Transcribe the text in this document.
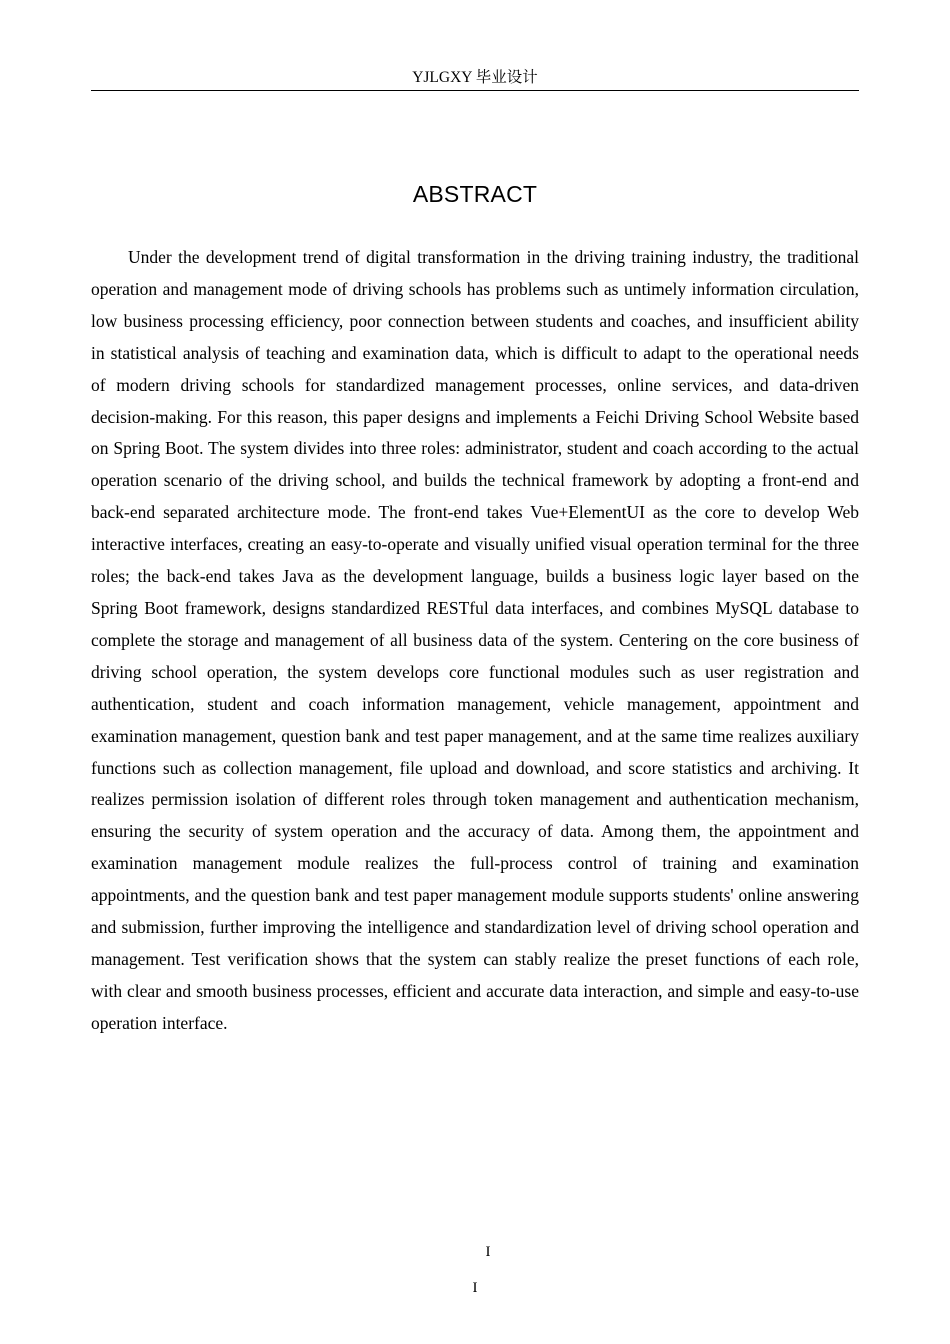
YJLGXY 毕业设计
ABSTRACT

Under the development trend of digital transformation in the driving training industry, the traditional operation and management mode of driving schools has problems such as untimely information circulation, low business processing efficiency, poor connection between students and coaches, and insufficient ability in statistical analysis of teaching and examination data, which is difficult to adapt to the operational needs of modern driving schools for standardized management processes, online services, and data-driven decision-making. For this reason, this paper designs and implements a Feichi Driving School Website based on Spring Boot. The system divides into three roles: administrator, student and coach according to the actual operation scenario of the driving school, and builds the technical framework by adopting a front-end and back-end separated architecture mode. The front-end takes Vue+ElementUI as the core to develop Web interactive interfaces, creating an easy-to-operate and visually unified visual operation terminal for the three roles; the back-end takes Java as the development language, builds a business logic layer based on the Spring Boot framework, designs standardized RESTful data interfaces, and combines MySQL database to complete the storage and management of all business data of the system. Centering on the core business of driving school operation, the system develops core functional modules such as user registration and authentication, student and coach information management, vehicle management, appointment and examination management, question bank and test paper management, and at the same time realizes auxiliary functions such as collection management, file upload and download, and score statistics and archiving. It realizes permission isolation of different roles through token management and authentication mechanism, ensuring the security of system operation and the accuracy of data. Among them, the appointment and examination management module realizes the full-process control of training and examination appointments, and the question bank and test paper management module supports students' online answering and submission, further improving the intelligence and standardization level of driving school operation and management. Test verification shows that the system can stably realize the preset functions of each role, with clear and smooth business processes, efficient and accurate data interaction, and simple and easy-to-use operation interface.

I
I
